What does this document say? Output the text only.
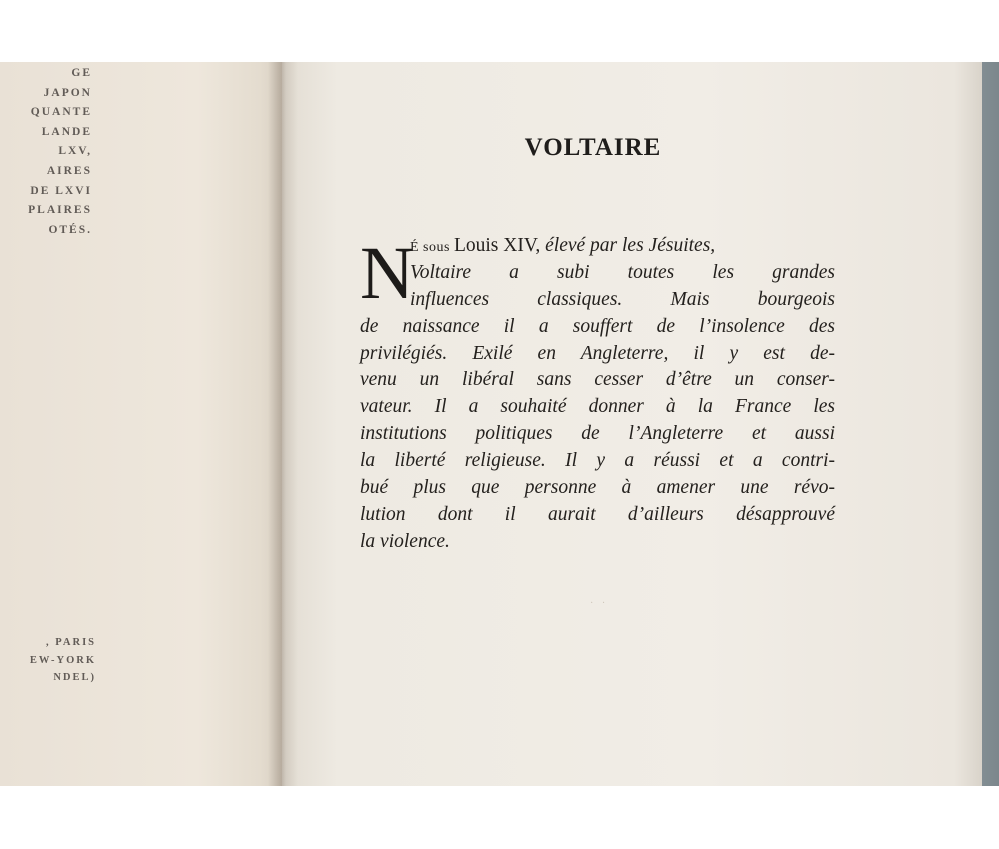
GE
JAPON
QUANTE
LANDE
LXV,
AIRES
DE LXVI
PLAIRES
OTÉS.
, PARIS
EW-YORK
NDEL)
VOLTAIRE
N
É sous Louis XIV, élevé par les Jésuites,
Voltaire a subi toutes les grandes
influences classiques. Mais bourgeois
de naissance il a souffert de l’insolence des
privilégiés. Exilé en Angleterre, il y est de-
venu un libéral sans cesser d’être un conser-
vateur. Il a souhaité donner à la France les
institutions politiques de l’Angleterre et aussi
la liberté religieuse. Il y a réussi et a contri-
bué plus que personne à amener une révo-
lution dont il aurait d’ailleurs désapprouvé
la violence.
· ·
